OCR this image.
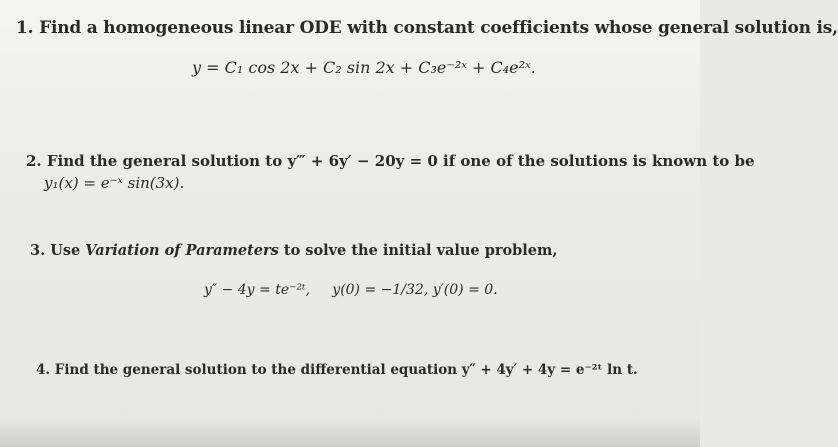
1. Find a homogeneous linear ODE with constant coefficients whose general solution is,
y = C₁ cos 2x + C₂ sin 2x + C₃e⁻²ˣ + C₄e²ˣ.
2. Find the general solution to y‴ + 6y′ − 20y = 0 if one of the solutions is known to be
y₁(x) = e⁻ˣ sin(3x).
3. Use Variation of Parameters to solve the initial value problem,
y″ − 4y = te⁻²ᵗ,     y(0) = −1/32, y′(0) = 0.
4. Find the general solution to the differential equation y″ + 4y′ + 4y = e⁻²ᵗ ln t.
